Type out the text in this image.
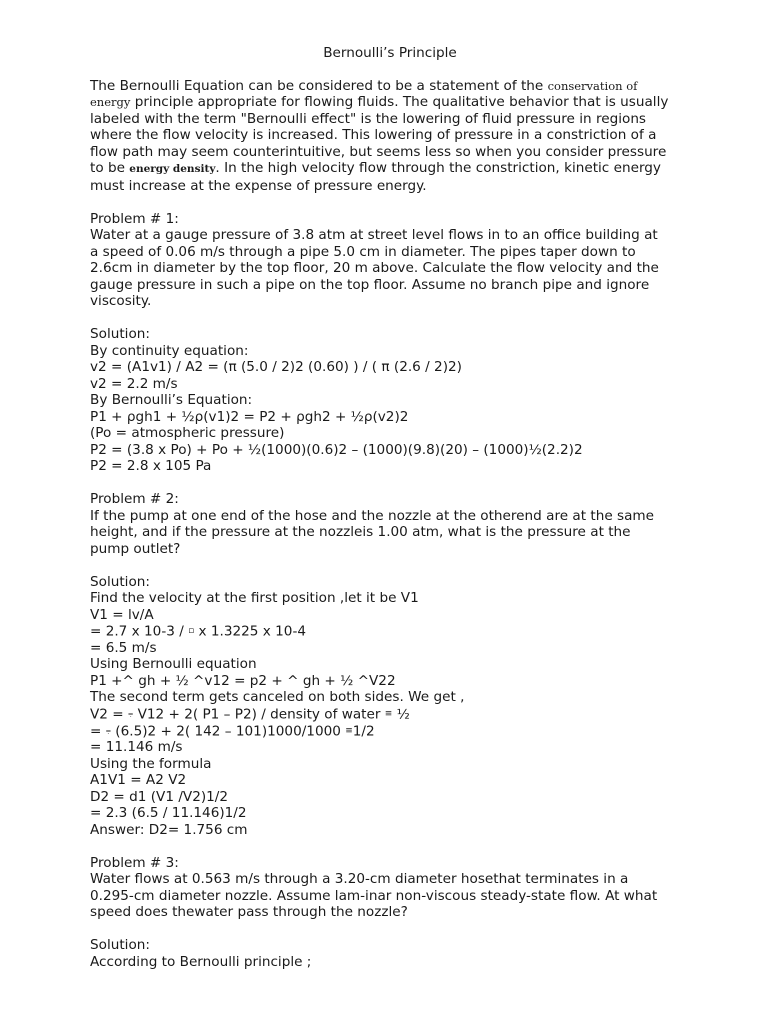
Bernoulli’s Principle
The Bernoulli Equation can be considered to be a statement of the conservation of
energy principle appropriate for flowing fluids. The qualitative behavior that is usually
labeled with the term "Bernoulli effect" is the lowering of fluid pressure in regions
where the flow velocity is increased. This lowering of pressure in a constriction of a
flow path may seem counterintuitive, but seems less so when you consider pressure
to be energy density. In the high velocity flow through the constriction, kinetic energy
must increase at the expense of pressure energy.
Problem # 1:
Water at a gauge pressure of 3.8 atm at street level flows in to an office building at
a speed of 0.06 m/s through a pipe 5.0 cm in diameter. The pipes taper down to
2.6cm in diameter by the top floor, 20 m above. Calculate the flow velocity and the
gauge pressure in such a pipe on the top floor. Assume no branch pipe and ignore
viscosity.
Solution:
By continuity equation:
v2 = (A1v1) / A2 = (π (5.0 / 2)2 (0.60) ) / ( π (2.6 / 2)2)
v2 = 2.2 m/s
By Bernoulli’s Equation:
P1 + ρgh1 + ½ρ(v1)2 = P2 + ρgh2 + ½ρ(v2)2
(Po = atmospheric pressure)
P2 = (3.8 x Po) + Po + ½(1000)(0.6)2 – (1000)(9.8)(20) – (1000)½(2.2)2
P2 = 2.8 x 105 Pa
Problem # 2:
If the pump at one end of the hose and the nozzle at the otherend are at the same
height, and if the pressure at the nozzleis 1.00 atm, what is the pressure at the
pump outlet?
Solution:
Find the velocity at the first position ,let it be V1
V1 = lv/A
= 2.7 x 10-3 / ▫ x 1.3225 x 10-4
= 6.5 m/s
Using Bernoulli equation
P1 +^ gh + ½ ^v12 = p2 + ^ gh + ½ ^V22
The second term gets canceled on both sides. We get ,
V2 = ⩦ V12 + 2( P1 – P2) / density of water ≡ ½
= ⩦ (6.5)2 + 2( 142 – 101)1000/1000 ≡1/2
= 11.146 m/s
Using the formula
A1V1 = A2 V2
D2 = d1 (V1 /V2)1/2
= 2.3 (6.5 / 11.146)1/2
Answer: D2= 1.756 cm
Problem # 3:
Water flows at 0.563 m/s through a 3.20-cm diameter hosethat terminates in a
0.295-cm diameter nozzle. Assume lam-inar non-viscous steady-state flow. At what
speed does thewater pass through the nozzle?
Solution:
According to Bernoulli principle ;
